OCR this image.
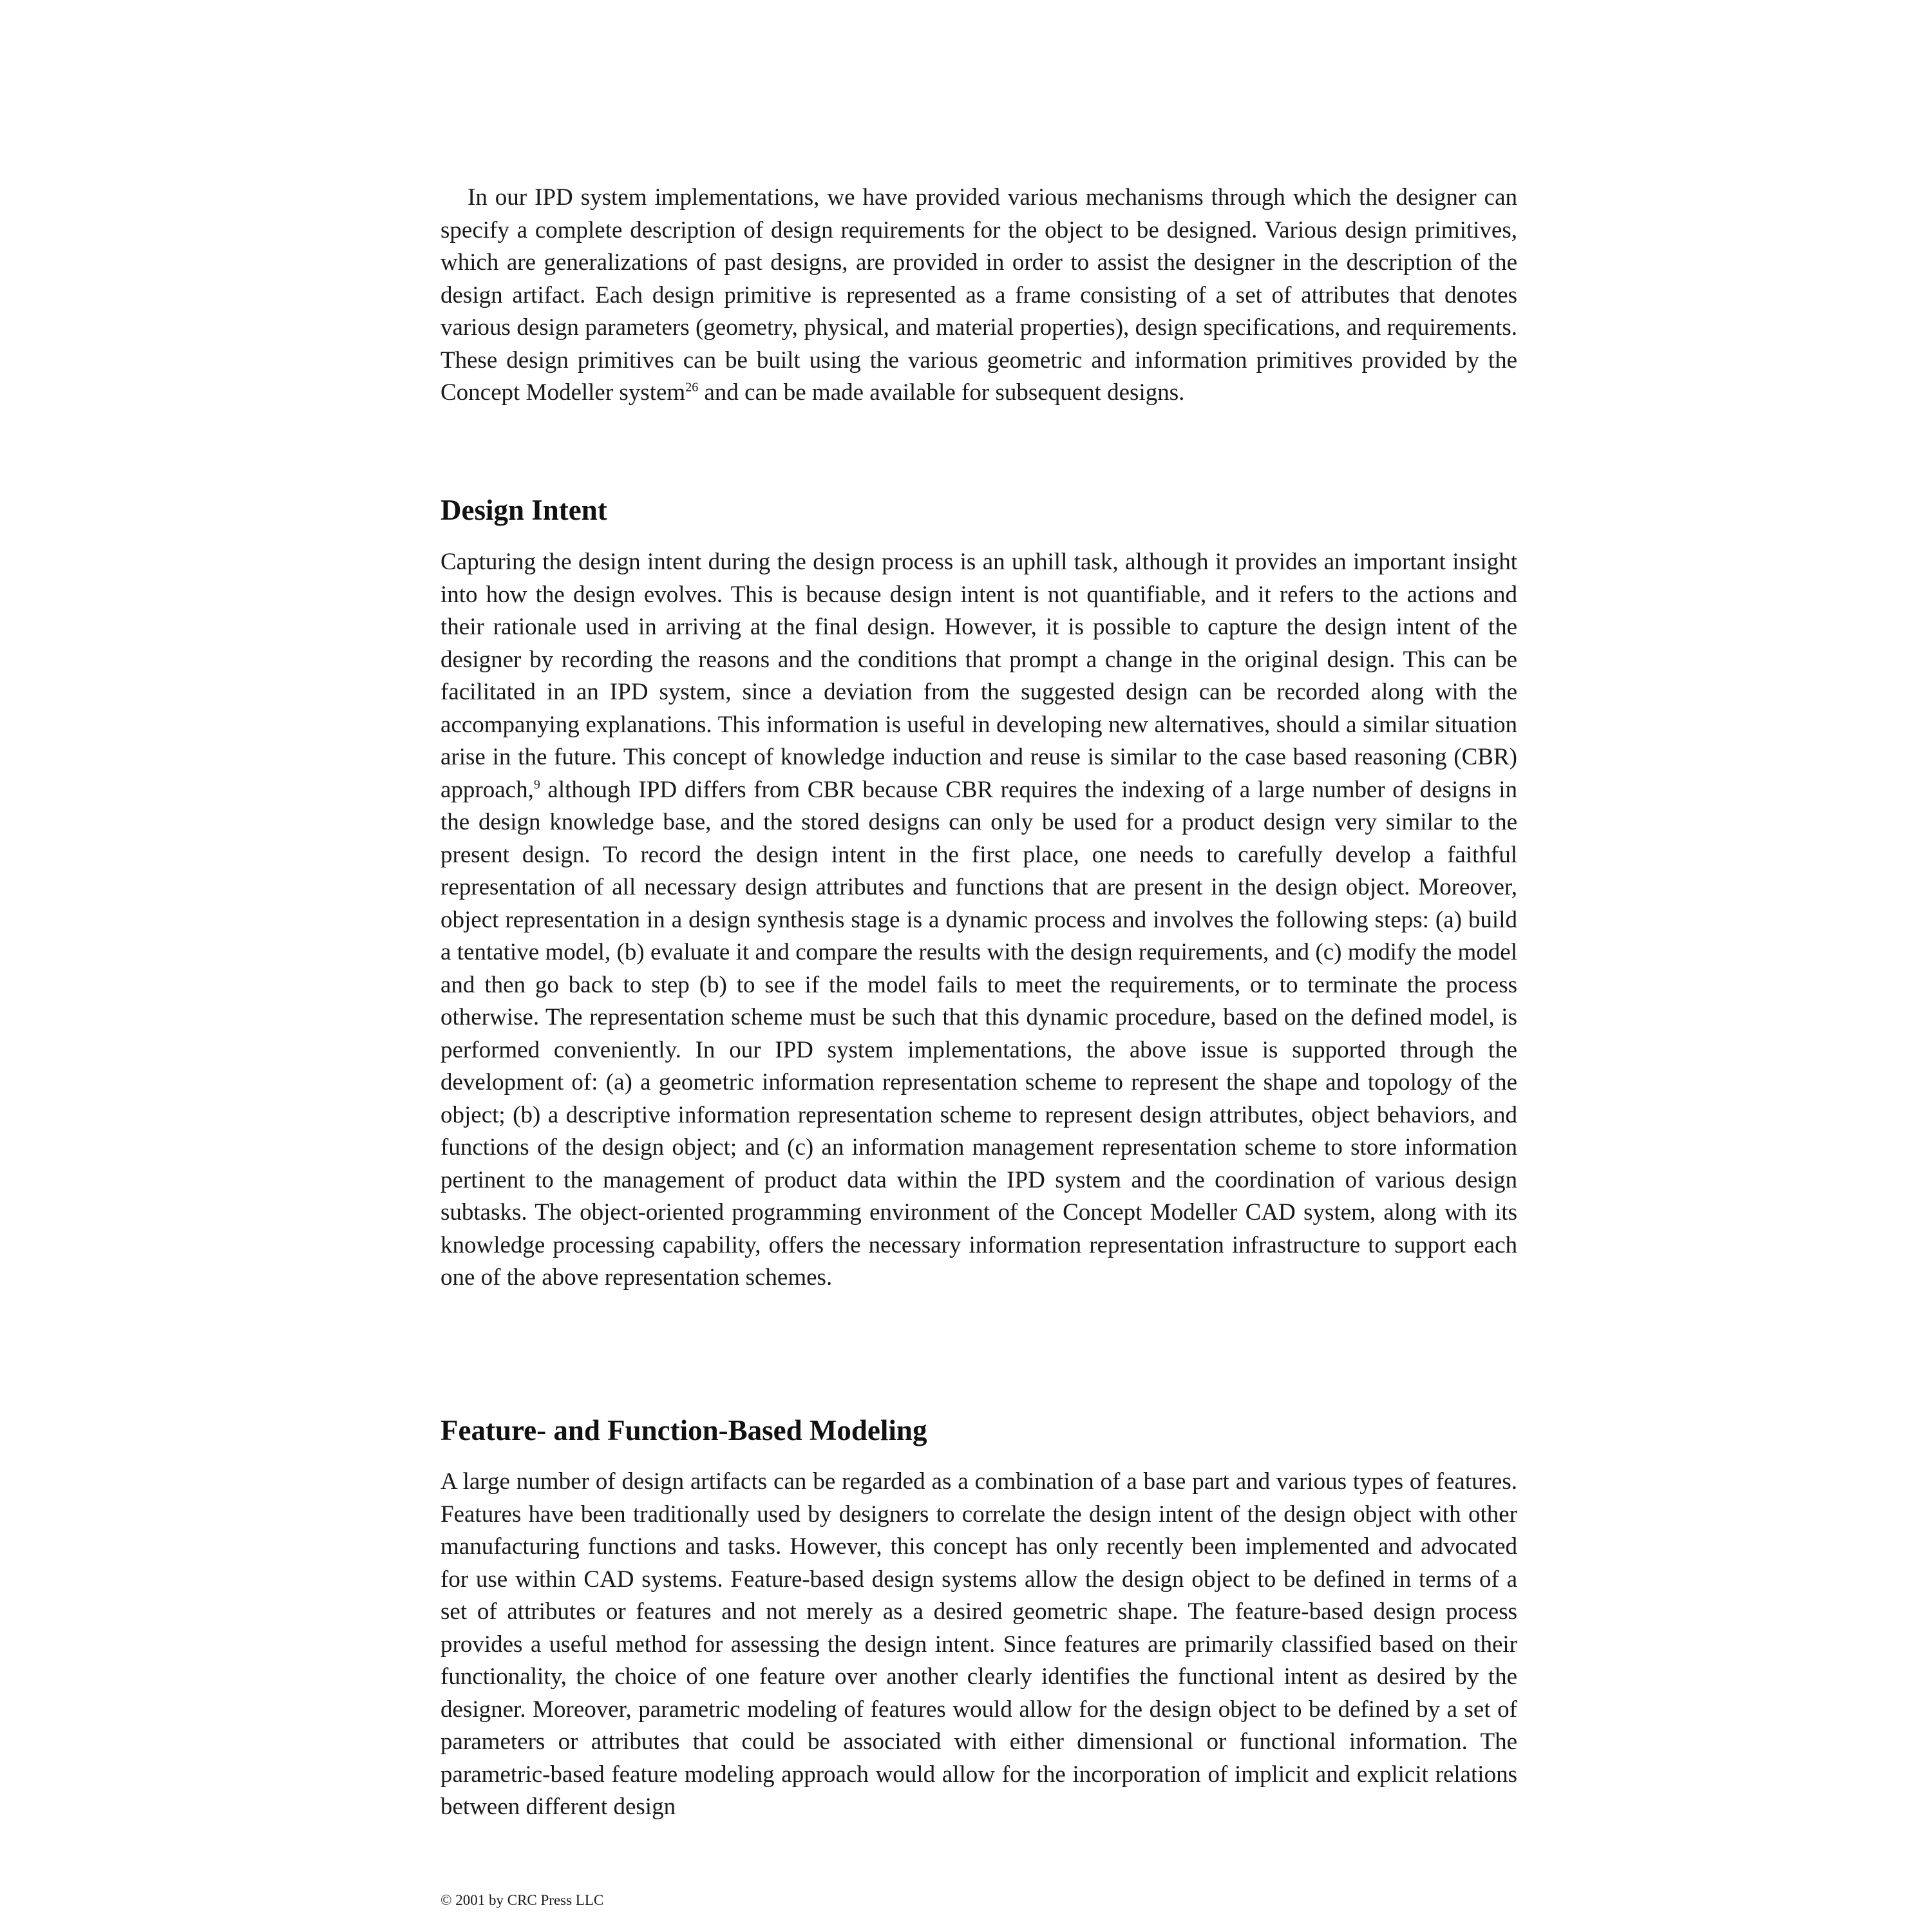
In our IPD system implementations, we have provided various mechanisms through which the designer can specify a complete description of design requirements for the object to be designed. Various design primitives, which are generalizations of past designs, are provided in order to assist the designer in the description of the design artifact. Each design primitive is represented as a frame consisting of a set of attributes that denotes various design parameters (geometry, physical, and material properties), design specifications, and requirements. These design primitives can be built using the various geometric and information primitives provided by the Concept Modeller system$^{26}$ and can be made available for subsequent designs.

Design Intent

Capturing the design intent during the design process is an uphill task, although it provides an important insight into how the design evolves. This is because design intent is not quantifiable, and it refers to the actions and their rationale used in arriving at the final design. However, it is possible to capture the design intent of the designer by recording the reasons and the conditions that prompt a change in the original design. This can be facilitated in an IPD system, since a deviation from the suggested design can be recorded along with the accompanying explanations. This information is useful in developing new alternatives, should a similar situation arise in the future. This concept of knowledge induction and reuse is similar to the case based reasoning (CBR) approach,$^9$ although IPD differs from CBR because CBR requires the indexing of a large number of designs in the design knowledge base, and the stored designs can only be used for a product design very similar to the present design. To record the design intent in the first place, one needs to carefully develop a faithful representation of all necessary design attributes and functions that are present in the design object. Moreover, object representation in a design synthesis stage is a dynamic process and involves the following steps: (a) build a tentative model, (b) evaluate it and compare the results with the design requirements, and (c) modify the model and then go back to step (b) to see if the model fails to meet the requirements, or to terminate the process otherwise. The representation scheme must be such that this dynamic procedure, based on the defined model, is performed conveniently. In our IPD system implementations, the above issue is supported through the development of: (a) a geometric information representation scheme to represent the shape and topology of the object; (b) a descriptive information representation scheme to represent design attributes, object behaviors, and functions of the design object; and (c) an information management representation scheme to store information pertinent to the management of product data within the IPD system and the coordination of various design subtasks. The object-oriented programming environment of the Concept Modeller CAD system, along with its knowledge processing capability, offers the necessary information representation infrastructure to support each one of the above representation schemes.

Feature- and Function-Based Modeling

A large number of design artifacts can be regarded as a combination of a base part and various types of features. Features have been traditionally used by designers to correlate the design intent of the design object with other manufacturing functions and tasks. However, this concept has only recently been implemented and advocated for use within CAD systems. Feature-based design systems allow the design object to be defined in terms of a set of attributes or features and not merely as a desired geometric shape. The feature-based design process provides a useful method for assessing the design intent. Since features are primarily classified based on their functionality, the choice of one feature over another clearly identifies the functional intent as desired by the designer. Moreover, parametric modeling of features would allow for the design object to be defined by a set of parameters or attributes that could be associated with either dimensional or functional information. The parametric-based feature modeling approach would allow for the incorporation of implicit and explicit relations between different design

© 2001 by CRC Press LLC
